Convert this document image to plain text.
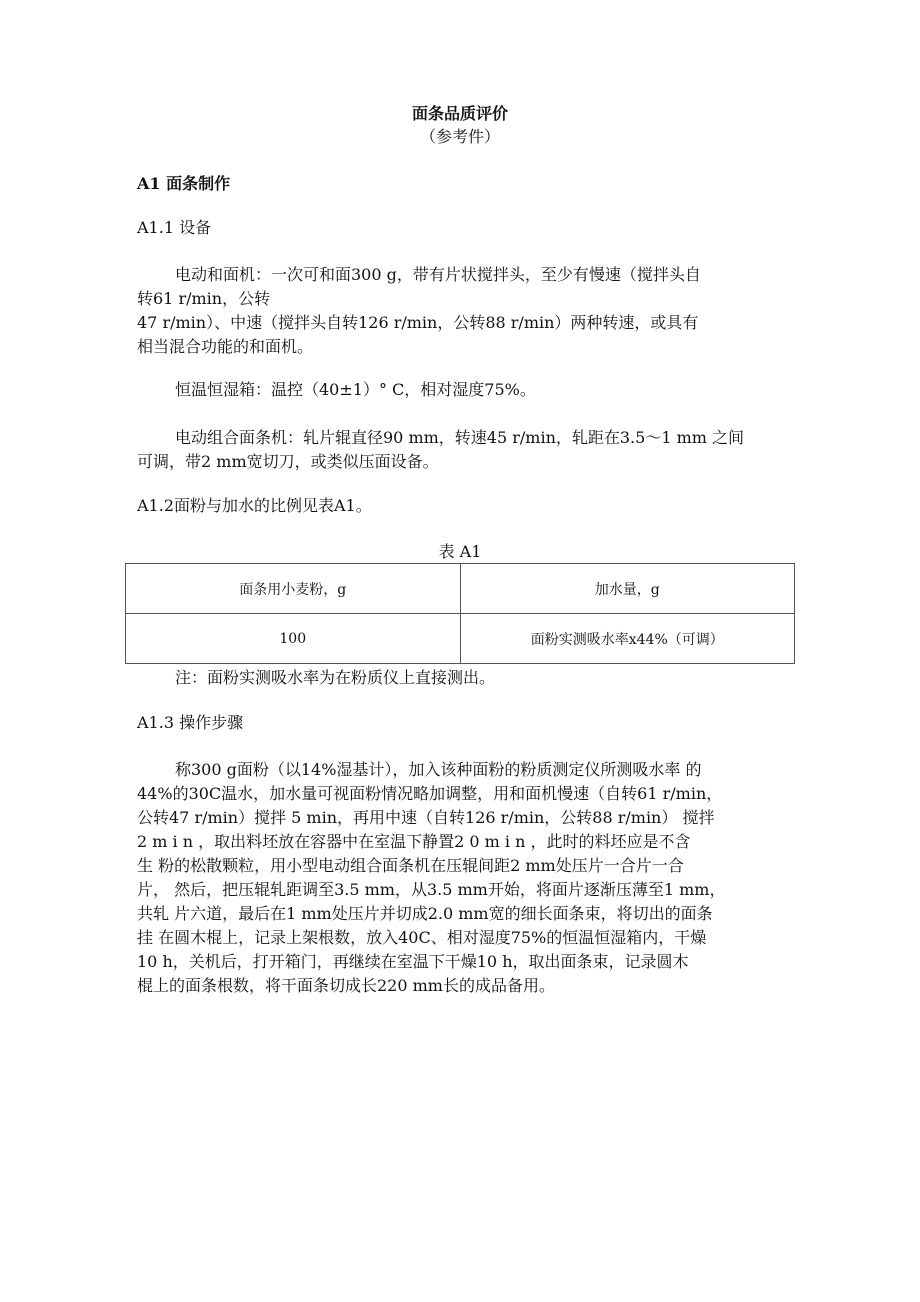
面条品质评价
（参考件）
A1 面条制作
A1.1 设备

电动和面机：一次可和面300 g，带有片状搅拌头，至少有慢速（搅拌头自

转61 r/min，公转

47 r/min）、中速（搅拌头自转126 r/min，公转88 r/min）两种转速，或具有

相当混合功能的和面机。

恒温恒湿箱：温控（40±1）° C，相对湿度75%。

电动组合面条机：轧片辊直径90 mm，转速45 r/min，轧距在3.5～1 mm 之间

可调，带2 mm宽切刀，或类似压面设备。

A1.2面粉与加水的比例见表A1。
表 A1
面条用小麦粉，g	加水量，g
100	面粉实测吸水率x44%（可调）
注：面粉实测吸水率为在粉质仪上直接测出。
A1.3 操作步骤

称300 g面粉（以14%湿基计），加入该种面粉的粉质测定仪所测吸水率 的

44%的30C温水，加水量可视面粉情况略加调整，用和面机慢速（自转61 r/min，

公转47 r/min）搅拌 5 min，再用中速（自转126 r/min，公转88 r/min） 搅拌

2 m i n ，取出料坯放在容器中在室温下静置2 0 m i n ，此时的料坯应是不含

生 粉的松散颗粒，用小型电动组合面条机在压辊间距2 mm处压片一合片一合

片， 然后，把压辊轧距调至3.5 mm，从3.5 mm开始，将面片逐渐压薄至1 mm，

共轧 片六道，最后在1 mm处压片并切成2.0 mm宽的细长面条束，将切出的面条

挂 在圆木棍上，记录上架根数，放入40C、相对湿度75%的恒温恒湿箱内，干燥

10 h，关机后，打开箱门，再继续在室温下干燥10 h，取出面条束，记录圆木

棍上的面条根数，将干面条切成长220 mm长的成品备用。
